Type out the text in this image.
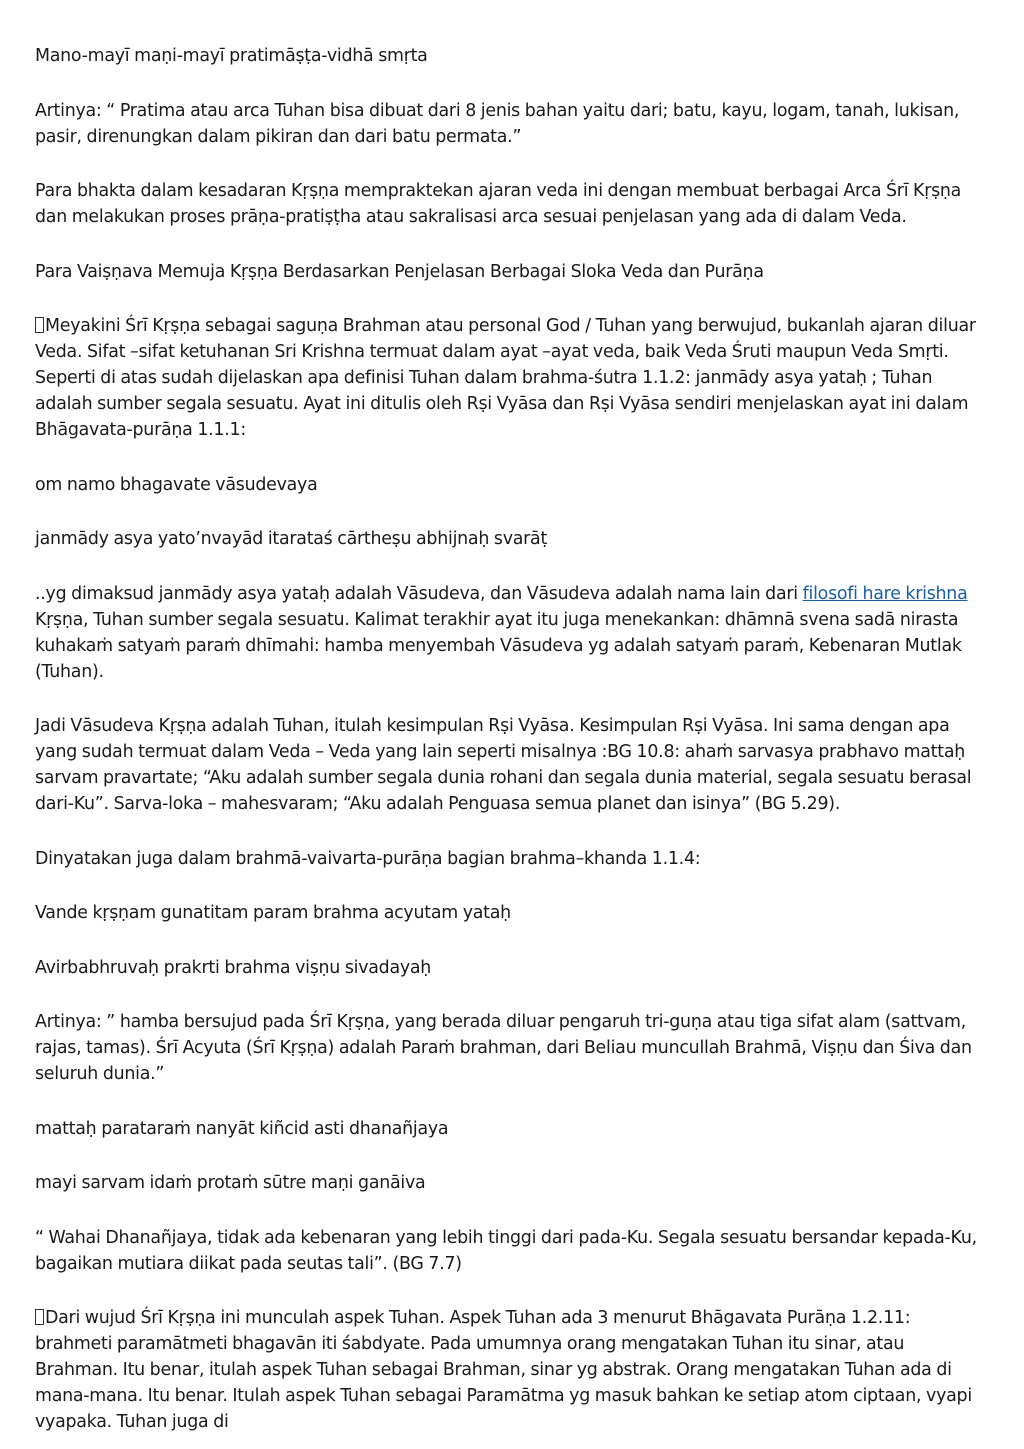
Mano-mayī maṇi-mayī pratimāṣṭa-vidhā smṛta

Artinya: “ Pratima atau arca Tuhan bisa dibuat dari 8 jenis bahan yaitu dari; batu, kayu, logam, tanah, lukisan, pasir, direnungkan dalam pikiran dan dari batu permata.”

Para bhakta dalam kesadaran Kṛṣṇa mempraktekan ajaran veda ini dengan membuat berbagai Arca Śrī Kṛṣṇa dan melakukan proses prāṇa-pratiṣṭha atau sakralisasi arca sesuai penjelasan yang ada di dalam Veda.

Para Vaiṣṇava Memuja Kṛṣṇa Berdasarkan Penjelasan Berbagai Sloka Veda dan Purāṇa

Meyakini Śrī Kṛṣṇa sebagai saguṇa Brahman atau personal God / Tuhan yang berwujud, bukanlah ajaran diluar Veda. Sifat –sifat ketuhanan Sri Krishna termuat dalam ayat –ayat veda, baik Veda Śruti maupun Veda Smṛti. Seperti di atas sudah dijelaskan apa definisi Tuhan dalam brahma-śutra 1.1.2: janmādy asya yataḥ ; Tuhan adalah sumber segala sesuatu. Ayat ini ditulis oleh Rṣi Vyāsa dan Rṣi Vyāsa sendiri menjelaskan ayat ini dalam Bhāgavata-purāṇa 1.1.1:

om namo bhagavate vāsudevaya

janmādy asya yato’nvayād itarataś cārtheṣu abhijnaḥ svarāṭ

..yg dimaksud janmādy asya yataḥ adalah Vāsudeva, dan Vāsudeva adalah nama lain dari filosofi hare krishna Kṛṣṇa, Tuhan sumber segala sesuatu. Kalimat terakhir ayat itu juga menekankan: dhāmnā svena sadā nirasta kuhakaṁ satyaṁ paraṁ dhīmahi: hamba menyembah Vāsudeva yg adalah satyaṁ paraṁ, Kebenaran Mutlak (Tuhan).

Jadi Vāsudeva Kṛṣṇa adalah Tuhan, itulah kesimpulan Rṣi Vyāsa. Kesimpulan Rṣi Vyāsa. Ini sama dengan apa yang sudah termuat dalam Veda – Veda yang lain seperti misalnya :BG 10.8: ahaṁ sarvasya prabhavo mattaḥ sarvam pravartate; “Aku adalah sumber segala dunia rohani dan segala dunia material, segala sesuatu berasal dari-Ku”. Sarva-loka – mahesvaram; “Aku adalah Penguasa semua planet dan isinya” (BG 5.29).

Dinyatakan juga dalam brahmā-vaivarta-purāṇa bagian brahma–khanda 1.1.4:

Vande kṛṣṇam gunatitam param brahma acyutam yataḥ

Avirbabhruvaḥ prakrti brahma viṣṇu sivadayaḥ

Artinya: ” hamba bersujud pada Śrī Kṛṣṇa, yang berada diluar pengaruh tri-guṇa atau tiga sifat alam (sattvam, rajas, tamas). Śrī Acyuta (Śrī Kṛṣṇa) adalah Paraṁ brahman, dari Beliau muncullah Brahmā, Viṣṇu dan Śiva dan seluruh dunia.”

mattaḥ parataraṁ nanyāt kiñcid asti dhanañjaya

mayi sarvam idaṁ protaṁ sūtre maṇi ganāiva

“ Wahai Dhanañjaya, tidak ada kebenaran yang lebih tinggi dari pada-Ku. Segala sesuatu bersandar kepada-Ku, bagaikan mutiara diikat pada seutas tali”. (BG 7.7)

Dari wujud Śrī Kṛṣṇa ini munculah aspek Tuhan. Aspek Tuhan ada 3 menurut Bhāgavata Purāṇa 1.2.11: brahmeti paramātmeti bhagavān iti śabdyate. Pada umumnya orang mengatakan Tuhan itu sinar, atau Brahman. Itu benar, itulah aspek Tuhan sebagai Brahman, sinar yg abstrak. Orang mengatakan Tuhan ada di mana-mana. Itu benar. Itulah aspek Tuhan sebagai Paramātma yg masuk bahkan ke setiap atom ciptaan, vyapi vyapaka. Tuhan juga di
